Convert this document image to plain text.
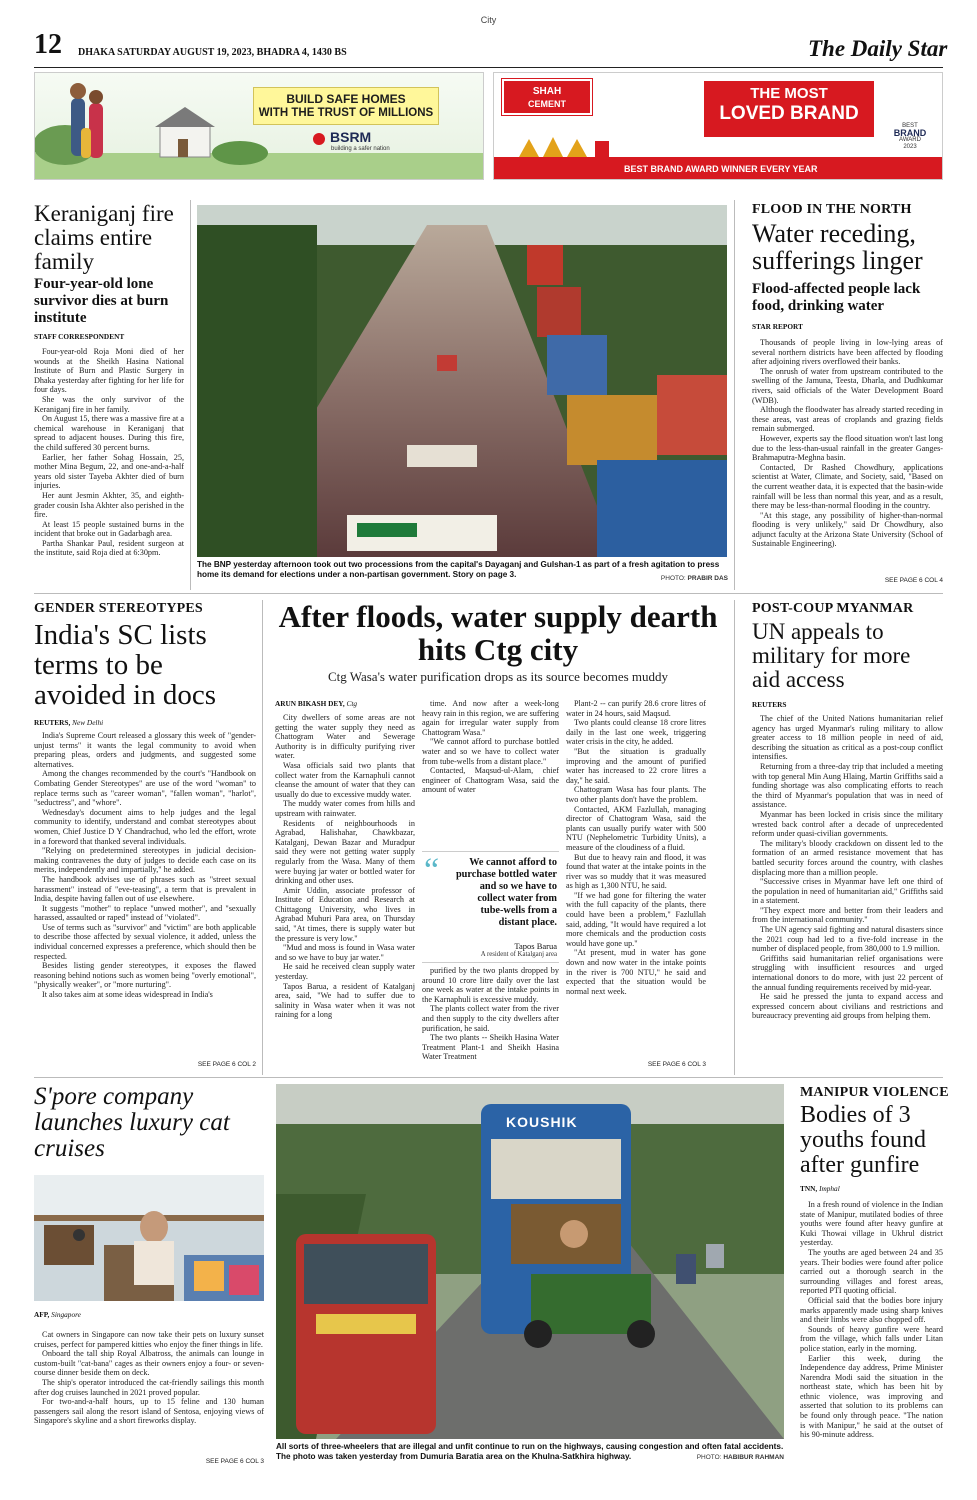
City
12 DHAKA SATURDAY AUGUST 19, 2023, BHADRA 4, 1430 BS	The Daily Star
BUILD SAFE HOMES
WITH THE TRUST OF MILLIONS
BSRM
building a safer nation
SHAH
CEMENT
THE MOST
LOVED BRAND
BEST BRAND AWARD WINNER EVERY YEAR
BEST
BRAND
AWARD
2023
Keraniganj fire claims entire family
Four-year-old lone survivor dies at burn institute
STAFF CORRESPONDENT

Four-year-old Roja Moni died of her wounds at the Sheikh Hasina National Institute of Burn and Plastic Surgery in Dhaka yesterday after fighting for her life for four days.

She was the only survivor of the Keraniganj fire in her family.

On August 15, there was a massive fire at a chemical warehouse in Keraniganj that spread to adjacent houses. During this fire, the child suffered 30 percent burns.

Earlier, her father Sohag Hossain, 25, mother Mina Begum, 22, and one-and-a-half years old sister Tayeba Akhter died of burn injuries.

Her aunt Jesmin Akhter, 35, and eighth-grader cousin Isha Akhter also perished in the fire.

At least 15 people sustained burns in the incident that broke out in Gadarbagh area.

Partha Shankar Paul, resident surgeon at the institute, said Roja died at 6:30pm.

The BNP yesterday afternoon took out two processions from the capital's Dayaganj and Gulshan-1 as part of a fresh agitation to press home its demand for elections under a non-partisan government. Story on page 3.	PHOTO: PRABIR DAS
FLOOD IN THE NORTH
Water receding, sufferings linger
Flood-affected people lack food, drinking water
STAR REPORT

Thousands of people living in low-lying areas of several northern districts have been affected by flooding after adjoining rivers overflowed their banks.

The onrush of water from upstream contributed to the swelling of the Jamuna, Teesta, Dharla, and Dudhkumar rivers, said officials of the Water Development Board (WDB).

Although the floodwater has already started receding in these areas, vast areas of croplands and grazing fields remain submerged.

However, experts say the flood situation won't last long due to the less-than-usual rainfall in the greater Ganges-Brahmaputra-Meghna basin.

Contacted, Dr Rashed Chowdhury, applications scientist at Water, Climate, and Society, said, "Based on the current weather data, it is expected that the basin-wide rainfall will be less than normal this year, and as a result, there may be less-than-normal flooding in the country.

"At this stage, any possibility of higher-than-normal flooding is very unlikely," said Dr Chowdhury, also adjunct faculty at the Arizona State University (School of Sustainable Engineering).

SEE PAGE 6 COL 4
GENDER STEREOTYPES
India's SC lists terms to be avoided in docs
REUTERS, New Delhi

India's Supreme Court released a glossary this week of "gender-unjust terms" it wants the legal community to avoid when preparing pleas, orders and judgments, and suggested some alternatives.

Among the changes recommended by the court's "Handbook on Combating Gender Stereotypes" are use of the word "woman" to replace terms such as "career woman", "fallen woman", "harlot", "seductress", and "whore".

Wednesday's document aims to help judges and the legal community to identify, understand and combat stereotypes about women, Chief Justice D Y Chandrachud, who led the effort, wrote in a foreword that thanked several individuals.

"Relying on predetermined stereotypes in judicial decision-making contravenes the duty of judges to decide each case on its merits, independently and impartially," he added.

The handbook advises use of phrases such as "street sexual harassment" instead of "eve-teasing", a term that is prevalent in India, despite having fallen out of use elsewhere.

It suggests "mother" to replace "unwed mother", and "sexually harassed, assaulted or raped" instead of "violated".

Use of terms such as "survivor" and "victim" are both applicable to describe those affected by sexual violence, it added, unless the individual concerned expresses a preference, which should then be respected.

Besides listing gender stereotypes, it exposes the flawed reasoning behind notions such as women being "overly emotional", "physically weaker", or "more nurturing".

It also takes aim at some ideas widespread in India's

SEE PAGE 6 COL 2
After floods, water supply dearth hits Ctg city
Ctg Wasa's water purification drops as its source becomes muddy
ARUN BIKASH DEY, Ctg

City dwellers of some areas are not getting the water supply they need as Chattogram Water and Sewerage Authority is in difficulty purifying river water.

Wasa officials said two plants that collect water from the Karnaphuli cannot cleanse the amount of water that they can usually do due to excessive muddy water.

The muddy water comes from hills and upstream with rainwater.

Residents of neighbourhoods in Agrabad, Halishahar, Chawkbazar, Katalganj, Dewan Bazar and Muradpur said they were not getting water supply regularly from the Wasa. Many of them were buying jar water or bottled water for drinking and other uses.

Amir Uddin, associate professor of Institute of Education and Research at Chittagong University, who lives in Agrabad Muhuri Para area, on Thursday said, "At times, there is supply water but the pressure is very low."

"Mud and moss is found in Wasa water and so we have to buy jar water."

He said he received clean supply water yesterday.

Tapos Barua, a resident of Katalganj area, said, "We had to suffer due to salinity in Wasa water when it was not raining for a long

time. And now after a week-long heavy rain in this region, we are suffering again for irregular water supply from Chattogram Wasa."

"We cannot afford to purchase bottled water and so we have to collect water from tube-wells from a distant place."

Contacted, Maqsud-ul-Alam, chief engineer of Chattogram Wasa, said the amount of water

“	We cannot afford to purchase bottled water and so we have to collect water from tube-wells from a distant place.
Tapos Barua
A resident of Katalganj area

purified by the two plants dropped by around 10 crore litre daily over the last one week as water at the intake points in the Karnaphuli is excessive muddy.

The plants collect water from the river and then supply to the city dwellers after purification, he said.

The two plants -- Sheikh Hasina Water Treatment Plant-1 and Sheikh Hasina Water Treatment

Plant-2 -- can purify 28.6 crore litres of water in 24 hours, said Maqsud.

Two plants could cleanse 18 crore litres daily in the last one week, triggering water crisis in the city, he added.

"But the situation is gradually improving and the amount of purified water has increased to 22 crore litres a day," he said.

Chattogram Wasa has four plants. The two other plants don't have the problem.

Contacted, AKM Fazlullah, managing director of Chattogram Wasa, said the plants can usually purify water with 500 NTU (Nephelometric Turbidity Units), a measure of the cloudiness of a fluid.

But due to heavy rain and flood, it was found that water at the intake points in the river was so muddy that it was measured as high as 1,300 NTU, he said.

"If we had gone for filtering the water with the full capacity of the plants, there could have been a problem," Fazlullah said, adding, "It would have required a lot more chemicals and the production costs would have gone up."

"At present, mud in water has gone down and now water in the intake points in the river is 700 NTU," he said and expected that the situation would be normal next week.

SEE PAGE 6 COL 3
POST-COUP MYANMAR
UN appeals to military for more aid access
REUTERS

The chief of the United Nations humanitarian relief agency has urged Myanmar's ruling military to allow greater access to 18 million people in need of aid, describing the situation as critical as a post-coup conflict intensifies.

Returning from a three-day trip that included a meeting with top general Min Aung Hlaing, Martin Griffiths said a funding shortage was also complicating efforts to reach the third of Myanmar's population that was in need of assistance.

Myanmar has been locked in crisis since the military wrested back control after a decade of unprecedented reform under quasi-civilian governments.

The military's bloody crackdown on dissent led to the formation of an armed resistance movement that has battled security forces around the country, with clashes displacing more than a million people.

"Successive crises in Myanmar have left one third of the population in need of humanitarian aid," Griffiths said in a statement.

"They expect more and better from their leaders and from the international community."

The UN agency said fighting and natural disasters since the 2021 coup had led to a five-fold increase in the number of displaced people, from 380,000 to 1.9 million.

Griffiths said humanitarian relief organisations were struggling with insufficient resources and urged international donors to do more, with just 22 percent of the annual funding requirements received by mid-year.

He said he pressed the junta to expand access and expressed concern about civilians and restrictions and bureaucracy preventing aid groups from helping them.

S'pore company launches luxury cat cruises
AFP, Singapore

Cat owners in Singapore can now take their pets on luxury sunset cruises, perfect for pampered kitties who enjoy the finer things in life.

Onboard the tall ship Royal Albatross, the animals can lounge in custom-built "cat-bana" cages as their owners enjoy a four- or seven-course dinner beside them on deck.

The ship's operator introduced the cat-friendly sailings this month after dog cruises launched in 2021 proved popular.

For two-and-a-half hours, up to 15 feline and 130 human passengers sail along the resort island of Sentosa, enjoying views of Singapore's skyline and a short fireworks display.

SEE PAGE 6 COL 3
KOUSHIK
All sorts of three-wheelers that are illegal and unfit continue to run on the highways, causing congestion and often fatal accidents. The photo was taken yesterday from Dumuria Baratia area on the Khulna-Satkhira highway.	PHOTO: HABIBUR RAHMAN
MANIPUR VIOLENCE
Bodies of 3 youths found after gunfire
TNN, Imphal

In a fresh round of violence in the Indian state of Manipur, mutilated bodies of three youths were found after heavy gunfire at Kuki Thowai village in Ukhrul district yesterday.

The youths are aged between 24 and 35 years. Their bodies were found after police carried out a thorough search in the surrounding villages and forest areas, reported PTI quoting official.

Official said that the bodies bore injury marks apparently made using sharp knives and their limbs were also chopped off.

Sounds of heavy gunfire were heard from the village, which falls under Litan police station, early in the morning.

Earlier this week, during the Independence day address, Prime Minister Narendra Modi said the situation in the northeast state, which has been hit by ethnic violence, was improving and asserted that solution to its problems can be found only through peace. "The nation is with Manipur," he said at the outset of his 90-minute address.
